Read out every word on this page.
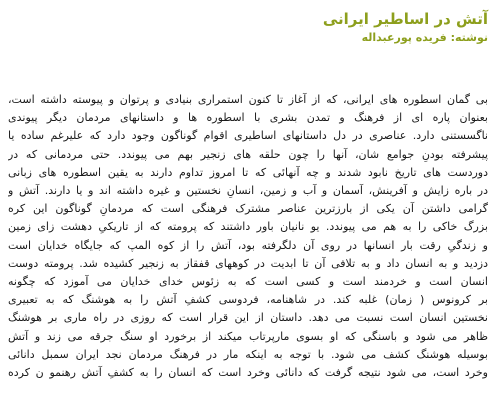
آتش در اساطیر ایرانی
نوشته: فریده پورعبداله
بی گمان اسطوره های ایرانی، که از آغاز تا کنون استمراری بنیادی و پرتوان و پیوسته داشته است،
بعنوان پاره ای از فرهنگ و تمدن بشری با اسطوره ها و داستانهای مردمان دیگر پیوندی
ناگسستنی دارد. عناصری در دل داستانهای اساطیری اقوام گوناگون وجود دارد که علیرغم ساده یا
پیشرفته بودنِ جوامع شان، آنها را چون حلقه های زنجیر بهم می پیوندد. حتی مردمانی که در
دوردست های تاریخ نابود شدند و چه آنهائی که تا امروز تداوم دارند به یقین اسطوره های زبانی
در باره زایش و آفرینش، آسمان و آب و زمین، انسانِ نخستین و غیره داشته اند و یا دارند. آتش و
گرامی داشتن آن یکی از بارزترین عناصر مشترک فرهنگی است که مردمانِ گوناگون این کره
بزرگ خاکی را به هم می پیوندد. یو نانیان باور داشتند که پرومته که از تاریکیِ دهشت زای زمین
و زندگیِ رقت بار انسانها در روی آن دلگرفته بود، آتش را از کوه المپ که جایگاه خدایان است
دزدید و به انسان داد و به تلافی آن تا ابدیت در کوههای قفقاز به زنجیر کشیده شد. پرومته دوست
انسان است و خردمند است و کسی است که به زئوس خدای خدایان می آموزد که چگونه
بر کرونوس ( زمان) غلبه کند. در شاهنامه، فردوسی کشفِ آتش را به هوشنگ که به تعبیری
نخستین انسان است نسبت می دهد. داستان از این قرار است که روزی در راه ماری بر هوشنگ
ظاهر می شود و باسنگی که او بسوی مارپرتاب میکند از برخورد او سنگ جرقه می زند و آتش
بوسیله هوشنگ کشف می شود. با توجه به اینکه مار در فرهنگ مردمان نجد ایران سمبل دانائی
وخرد است، می شود نتیجه گرفت که دانائی وخرد است که انسان را به کشفِ آتش رهنمو ن کرده
